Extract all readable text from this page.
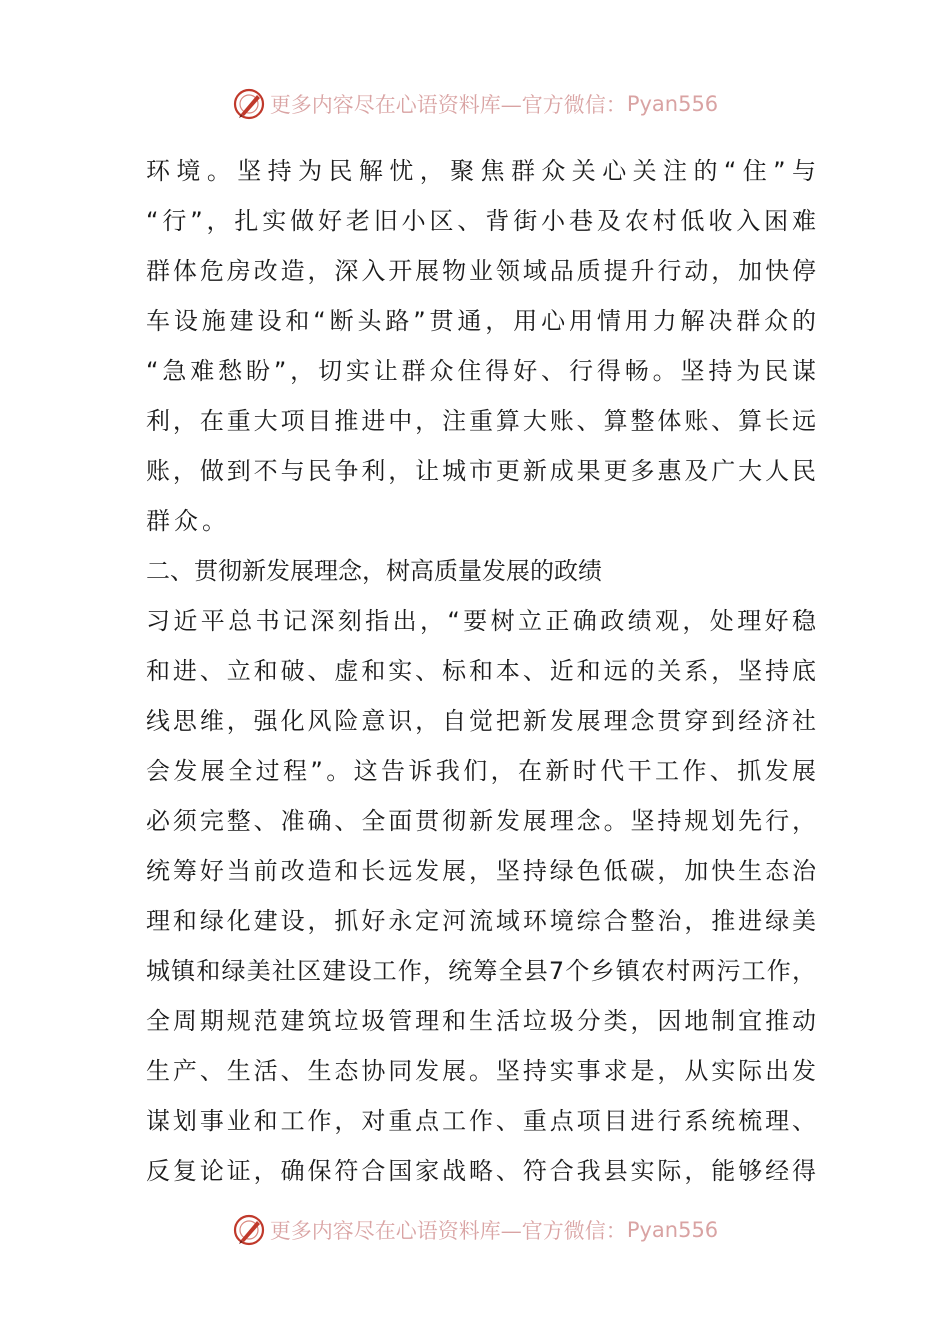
更多内容尽在心语资料库—官方微信： Pyan556
环境。坚持为民解忧，聚焦群众关心关注的“住”与
“行”，扎实做好老旧小区、背街小巷及农村低收入困难
群体危房改造，深入开展物业领域品质提升行动，加快停
车设施建设和“断头路”贯通，用心用情用力解决群众的
“急难愁盼”，切实让群众住得好、行得畅。坚持为民谋
利，在重大项目推进中，注重算大账、算整体账、算长远
账，做到不与民争利，让城市更新成果更多惠及广大人民
群众。
二、贯彻新发展理念，树高质量发展的政绩
习近平总书记深刻指出，“要树立正确政绩观，处理好稳
和进、立和破、虚和实、标和本、近和远的关系，坚持底
线思维，强化风险意识，自觉把新发展理念贯穿到经济社
会发展全过程”。这告诉我们，在新时代干工作、抓发展
必须完整、准确、全面贯彻新发展理念。坚持规划先行，
统筹好当前改造和长远发展，坚持绿色低碳，加快生态治
理和绿化建设，抓好永定河流域环境综合整治，推进绿美
城镇和绿美社区建设工作，统筹全县7个乡镇农村两污工作，
全周期规范建筑垃圾管理和生活垃圾分类，因地制宜推动
生产、生活、生态协同发展。坚持实事求是，从实际出发
谋划事业和工作，对重点工作、重点项目进行系统梳理、
反复论证，确保符合国家战略、符合我县实际，能够经得
更多内容尽在心语资料库—官方微信： Pyan556
